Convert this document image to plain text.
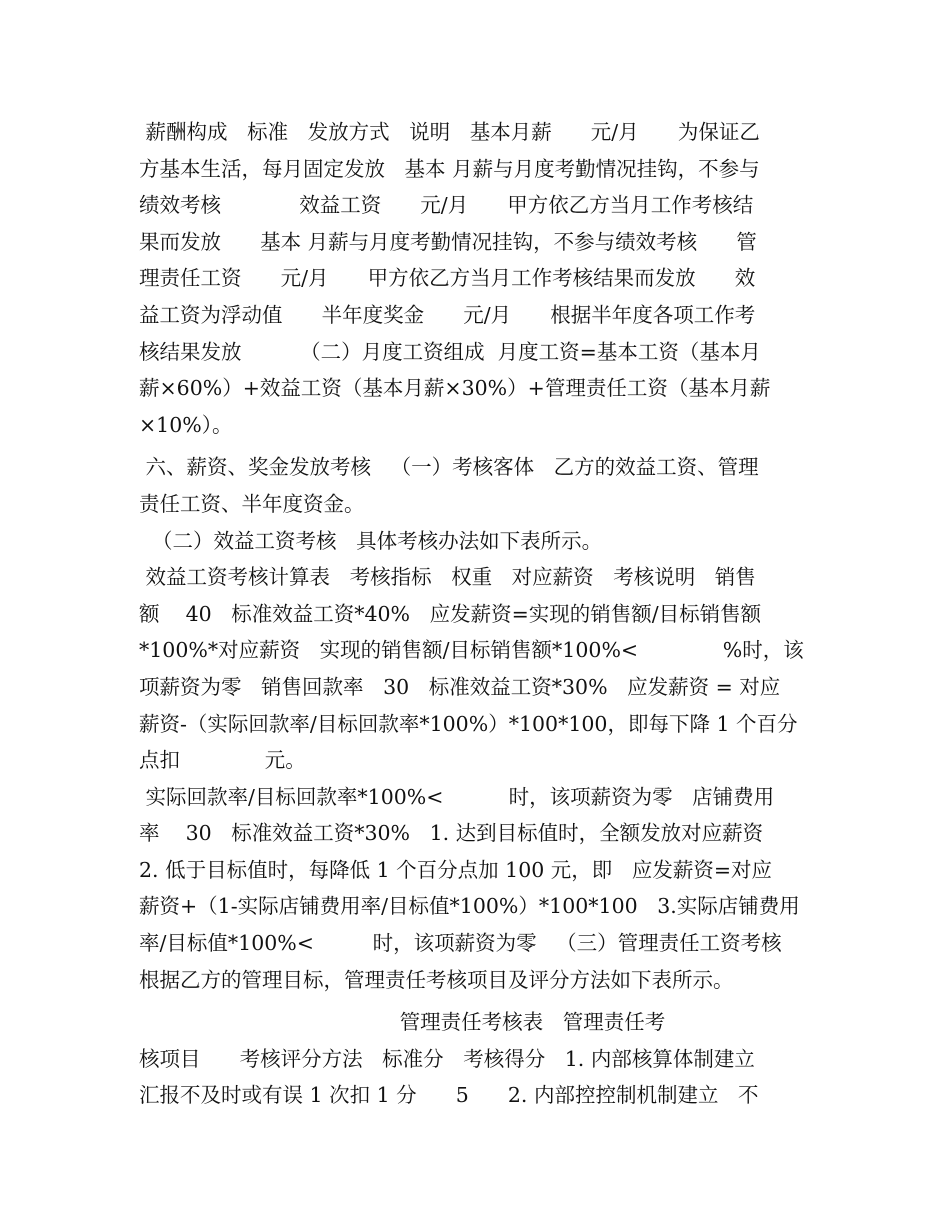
薪酬构成   标准   发放方式   说明   基本月薪      元/月      为保证乙
方基本生活，每月固定发放   基本 月薪与月度考勤情况挂钩，不参与
绩效考核            效益工资      元/月      甲方依乙方当月工作考核结
果而发放      基本 月薪与月度考勤情况挂钩，不参与绩效考核      管
理责任工资      元/月      甲方依乙方当月工作考核结果而发放      效
益工资为浮动值      半年度奖金      元/月      根据半年度各项工作考
核结果发放         （二）月度工资组成  月度工资=基本工资（基本月
薪×60%）+效益工资（基本月薪×30%）+管理责任工资（基本月薪
×10%）。
六、薪资、奖金发放考核   （一）考核客体   乙方的效益工资、管理
责任工资、半年度资金。
（二）效益工资考核   具体考核办法如下表所示。
效益工资考核计算表   考核指标   权重   对应薪资   考核说明   销售
额    40   标准效益工资*40%   应发薪资=实现的销售额/目标销售额
*100%*对应薪资   实现的销售额/目标销售额*100%<             %时，该
项薪资为零   销售回款率   30   标准效益工资*30%   应发薪资 = 对应
薪资-（实际回款率/目标回款率*100%）*100*100，即每下降 1 个百分
点扣             元。
实际回款率/目标回款率*100%<          时，该项薪资为零   店铺费用
率    30   标准效益工资*30%   1. 达到目标值时，全额发放对应薪资
2. 低于目标值时，每降低 1 个百分点加 100 元，即   应发薪资=对应
薪资+（1-实际店铺费用率/目标值*100%）*100*100   3.实际店铺费用
率/目标值*100%<         时，该项薪资为零   （三）管理责任工资考核
根据乙方的管理目标，管理责任考核项目及评分方法如下表所示。
管理责任考核表   管理责任考
核项目      考核评分方法   标准分   考核得分   1. 内部核算体制建立
汇报不及时或有误 1 次扣 1 分      5      2. 内部控控制机制建立   不
